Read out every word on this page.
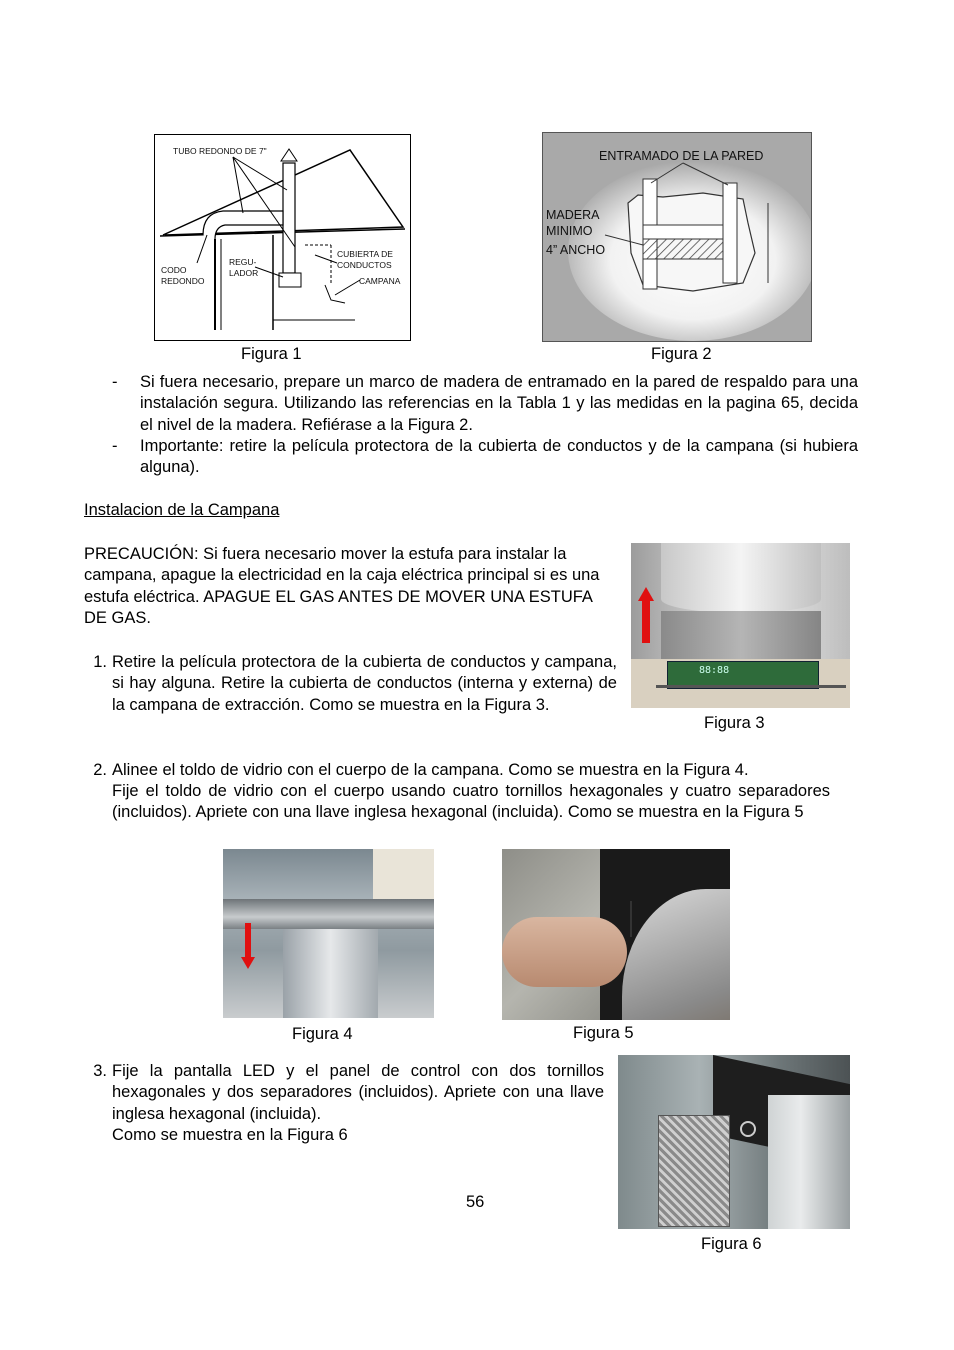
TUBO REDONDO DE 7"
CODO
REDONDO
REGU-
LADOR
CUBIERTA DE
CONDUCTOS
CAMPANA
Figura 1
ENTRAMADO DE LA PARED
MADERA
MINIMO
4” ANCHO
Figura 2
-	Si fuera necesario, prepare un marco de madera de entramado en la pared de respaldo para una instalación segura. Utilizando las referencias en la Tabla 1 y las medidas en la pagina 65, decida el nivel de la madera. Refiérase a la Figura 2.
-	Importante: retire la película protectora de la cubierta de conductos y de la campana (si hubiera alguna).
Instalacion de la Campana
PRECAUCIÓN: Si fuera necesario mover la estufa para instalar la campana, apague la electricidad en la caja eléctrica principal si es una estufa eléctrica. APAGUE EL GAS ANTES DE MOVER UNA ESTUFA DE GAS.
88:88
Figura 3
1. Retire la película protectora de la cubierta de conductos y campana, si hay alguna. Retire la cubierta de conductos (interna y externa) de la campana de extracción. Como se muestra en la Figura 3.
2. Alinee el toldo de vidrio con el cuerpo de la campana. Como se muestra en la Figura 4.
Fije el toldo de vidrio con el cuerpo usando cuatro tornillos hexagonales y cuatro separadores (incluidos). Apriete con una llave inglesa hexagonal (incluida). Como se muestra en la Figura 5
Figura 4	Figura 5
3. Fije la pantalla LED y el panel de control con dos tornillos hexagonales y dos separadores (incluidos). Apriete con una llave inglesa hexagonal (incluida).
Como se muestra en la Figura 6
Figura 6
56
